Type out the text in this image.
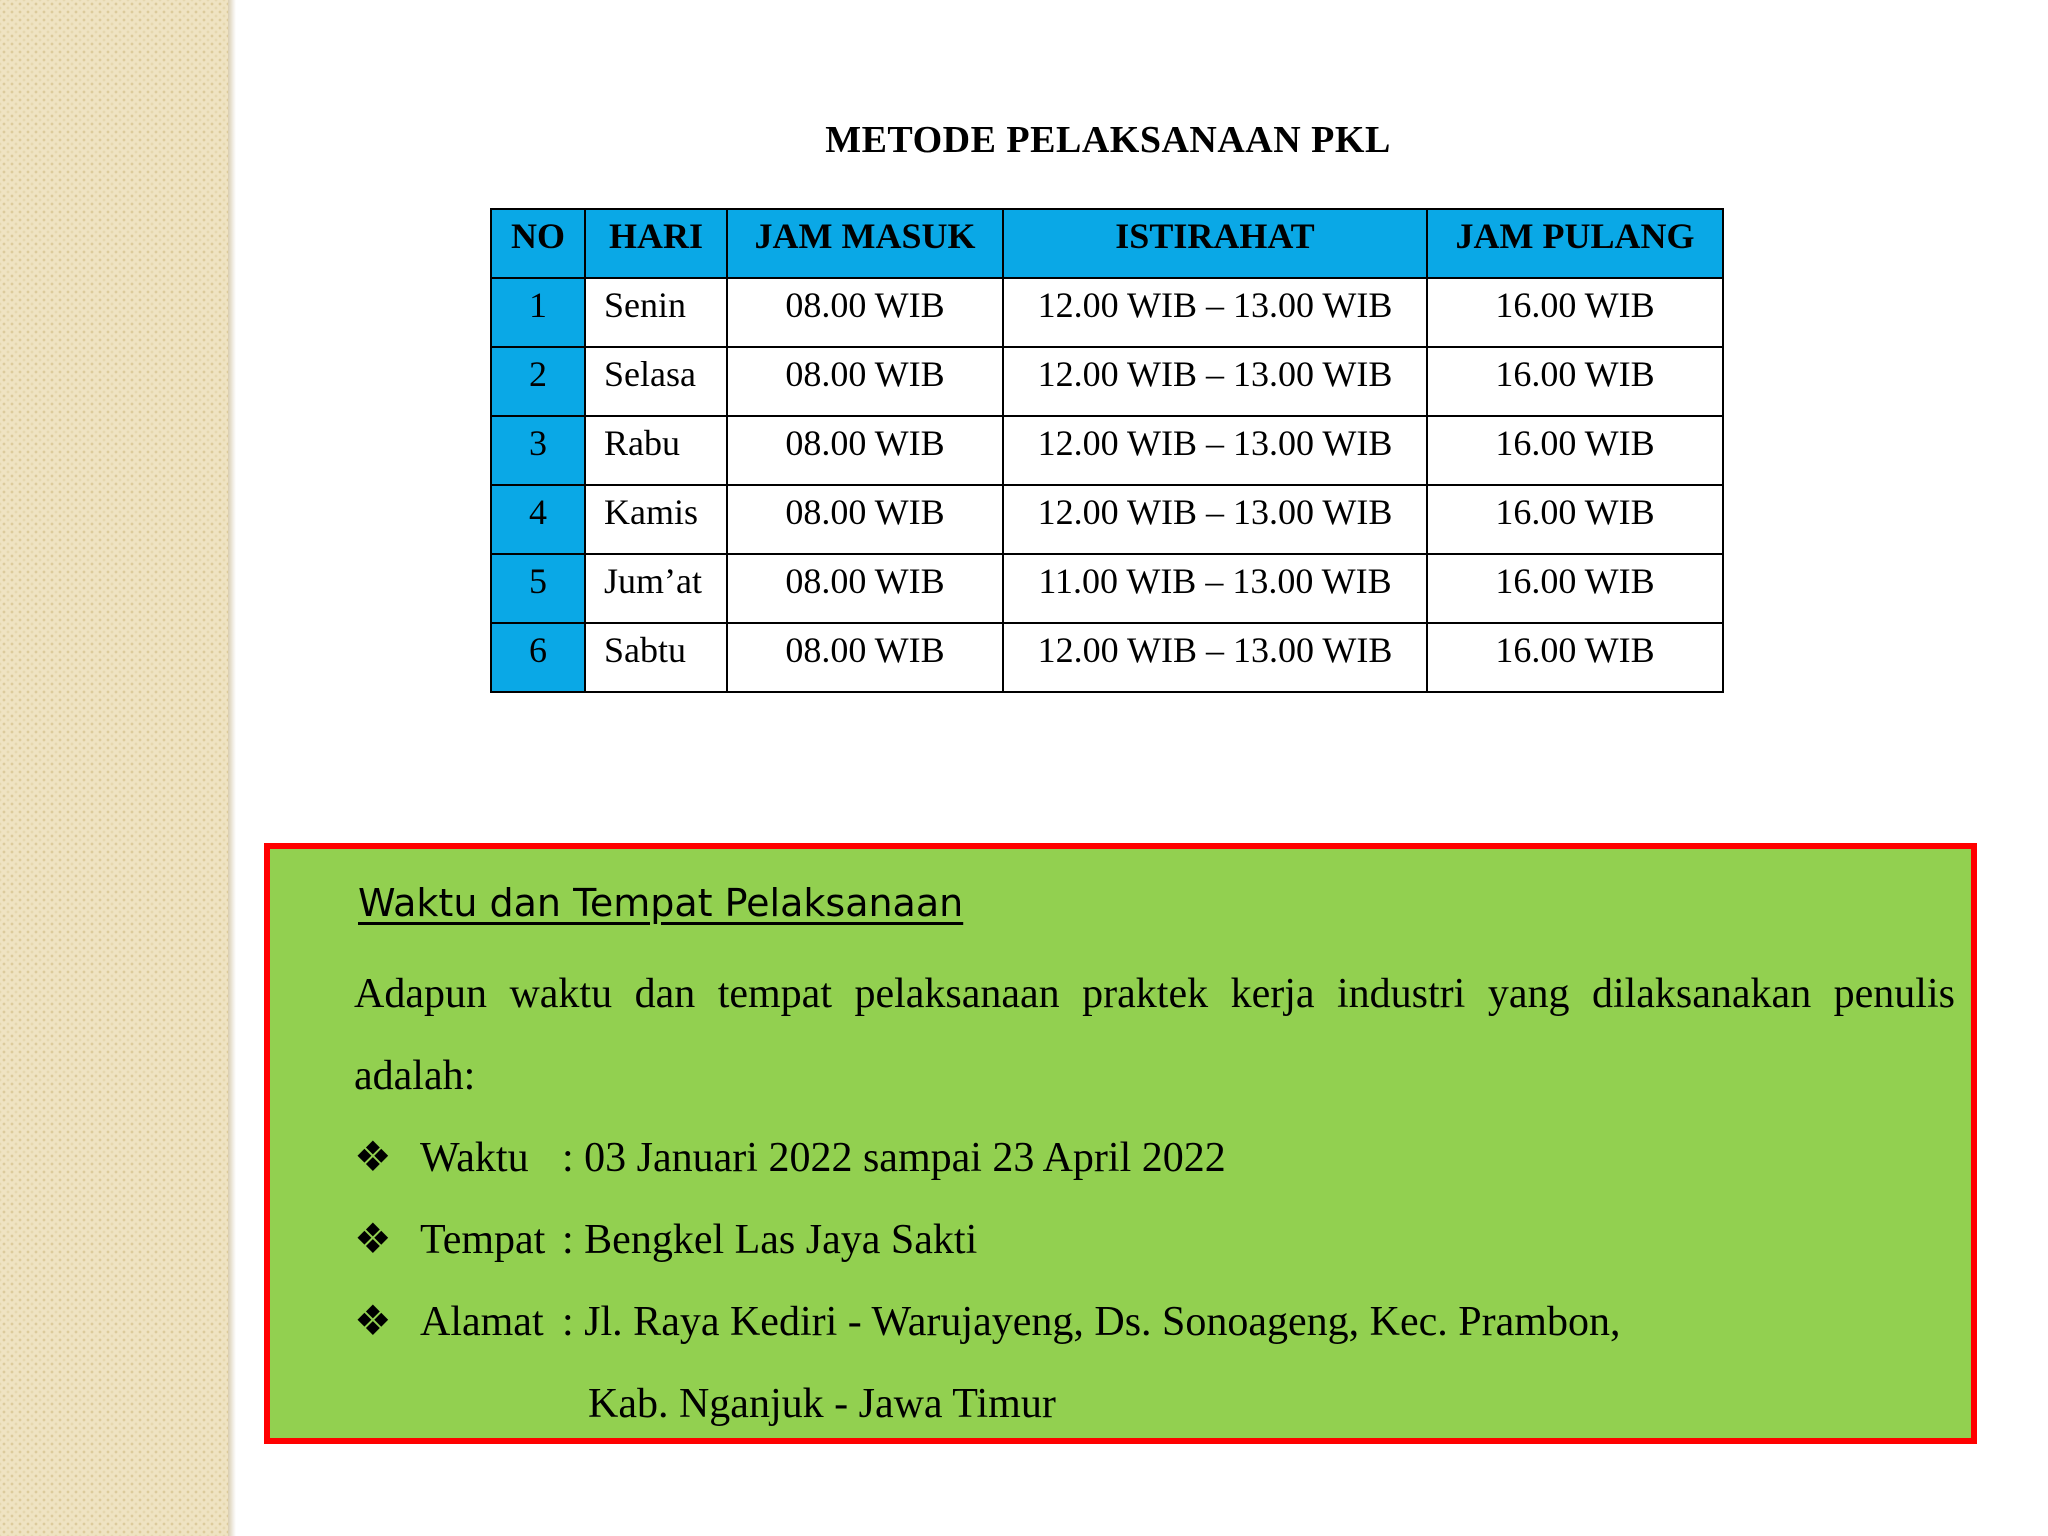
METODE PELAKSANAAN PKL
NO	HARI	JAM MASUK	ISTIRAHAT	JAM PULANG
1	Senin	08.00 WIB	12.00 WIB – 13.00 WIB	16.00 WIB
2	Selasa	08.00 WIB	12.00 WIB – 13.00 WIB	16.00 WIB
3	Rabu	08.00 WIB	12.00 WIB – 13.00 WIB	16.00 WIB
4	Kamis	08.00 WIB	12.00 WIB – 13.00 WIB	16.00 WIB
5	Jum’at	08.00 WIB	11.00 WIB – 13.00 WIB	16.00 WIB
6	Sabtu	08.00 WIB	12.00 WIB – 13.00 WIB	16.00 WIB
Waktu dan Tempat Pelaksanaan
Adapun waktu dan tempat pelaksanaan praktek kerja industri yang dilaksanakan penulis adalah:
❖ Waktu : 03 Januari 2022 sampai 23 April 2022
❖ Tempat : Bengkel Las Jaya Sakti
❖ Alamat : Jl. Raya Kediri - Warujayeng, Ds. Sonoageng, Kec. Prambon,
Kab. Nganjuk - Jawa Timur
